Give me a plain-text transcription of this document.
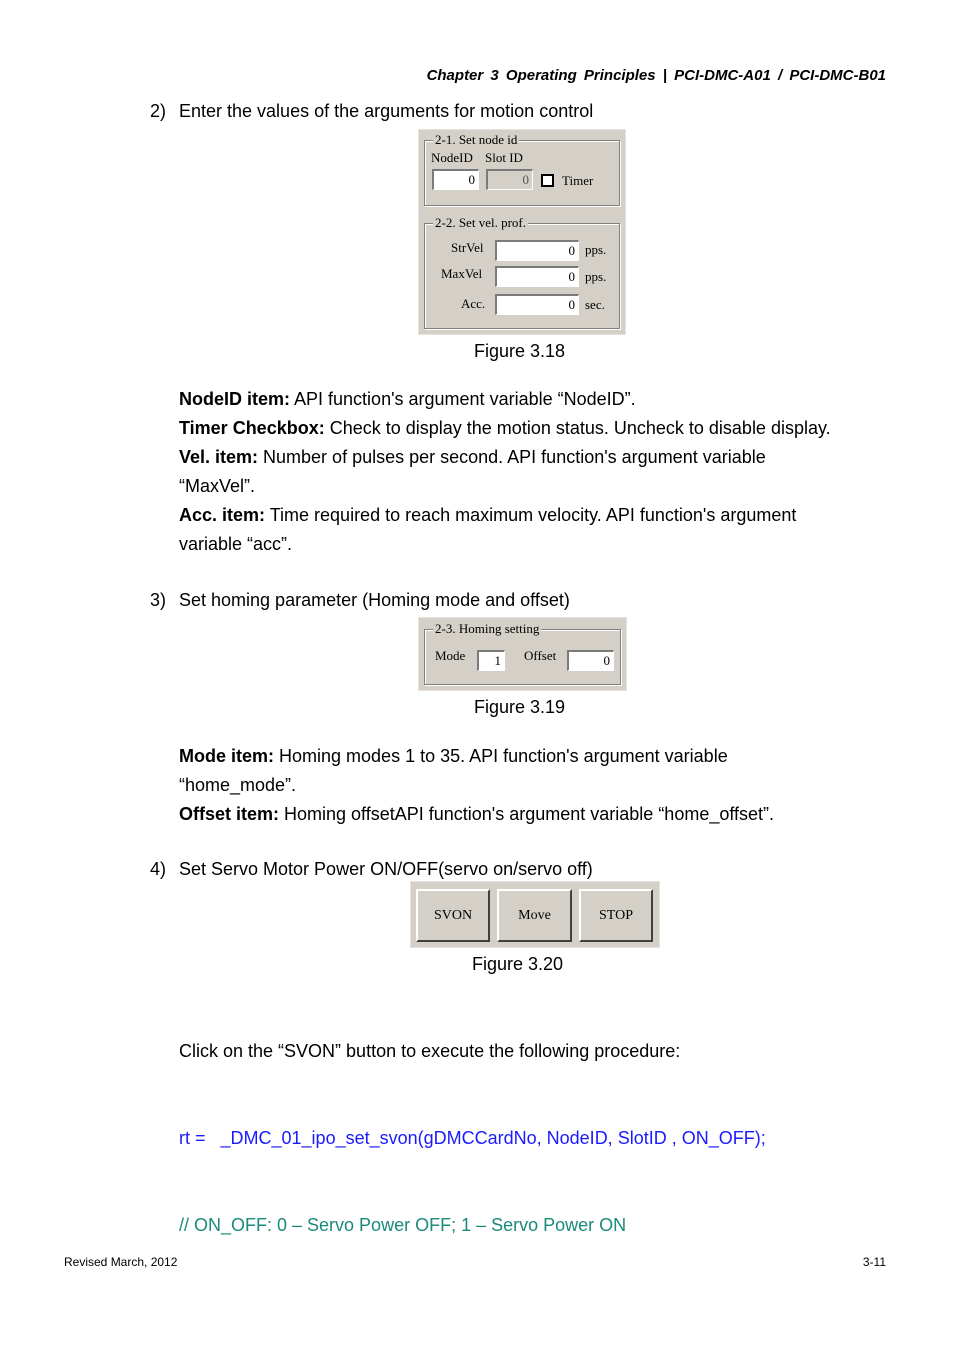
Chapter 3 Operating Principles | PCI-DMC-A01 / PCI-DMC-B01
2) Enter the values of the arguments for motion control
2-1. Set node id
NodeID Slot ID
0	0	Timer
2-2. Set vel. prof.
StrVel	0 pps.
MaxVel	0 pps.
Acc.	0 sec.
Figure 3.18
NodeID item: API function's argument variable “NodeID”.
Timer Checkbox: Check to display the motion status. Uncheck to disable display.
Vel. item: Number of pulses per second. API function's argument variable “MaxVel”.
Acc. item: Time required to reach maximum velocity. API function's argument variable “acc”.
3) Set homing parameter (Homing mode and offset)
2-3. Homing setting
Mode	1	Offset	0
Figure 3.19
Mode item: Homing modes 1 to 35. API function's argument variable “home_mode”.
Offset item: Homing offsetAPI function's argument variable “home_offset”.
4) Set Servo Motor Power ON/OFF(servo on/servo off)
SVON	Move	STOP
Figure 3.20

Click on the “SVON” button to execute the following procedure:

rt =   _DMC_01_ipo_set_svon(gDMCCardNo, NodeID, SlotID , ON_OFF);

// ON_OFF: 0 – Servo Power OFF; 1 – Servo Power ON

Revised March, 2012	3-11
